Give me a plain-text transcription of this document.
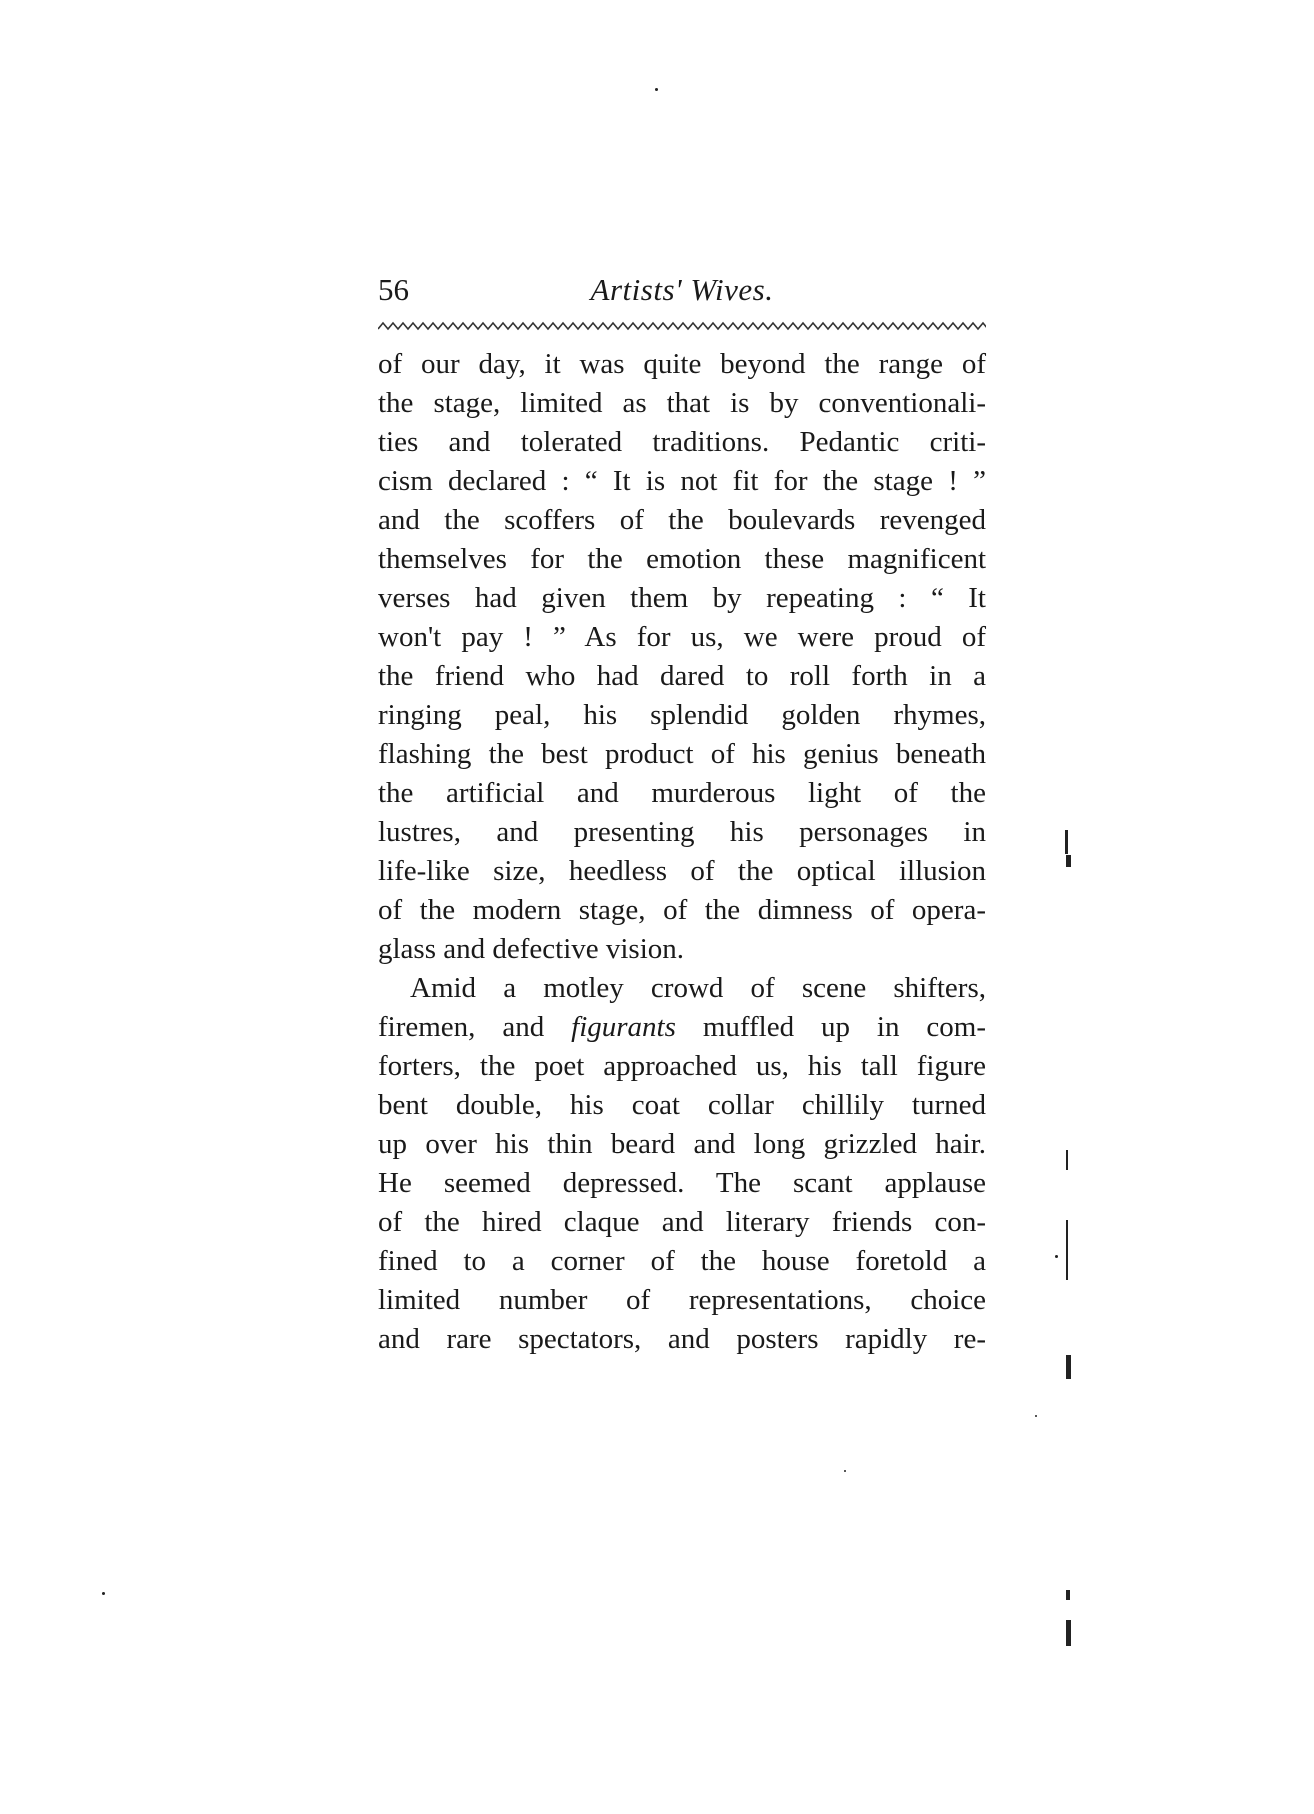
56	Artists' Wives.
of our day, it was quite beyond the range of
the stage, limited as that is by conventionali-
ties and tolerated traditions. Pedantic criti-
cism declared : “ It is not fit for the stage ! ”
and the scoffers of the boulevards revenged
themselves for the emotion these magnificent
verses had given them by repeating : “ It
won't pay ! ” As for us, we were proud of
the friend who had dared to roll forth in a
ringing peal, his splendid golden rhymes,
flashing the best product of his genius beneath
the artificial and murderous light of the
lustres, and presenting his personages in
life-like size, heedless of the optical illusion
of the modern stage, of the dimness of opera-
glass and defective vision.
Amid a motley crowd of scene shifters,
firemen, and figurants muffled up in com-
forters, the poet approached us, his tall figure
bent double, his coat collar chillily turned
up over his thin beard and long grizzled hair.
He seemed depressed. The scant applause
of the hired claque and literary friends con-
fined to a corner of the house foretold a
limited number of representations, choice
and rare spectators, and posters rapidly re-
